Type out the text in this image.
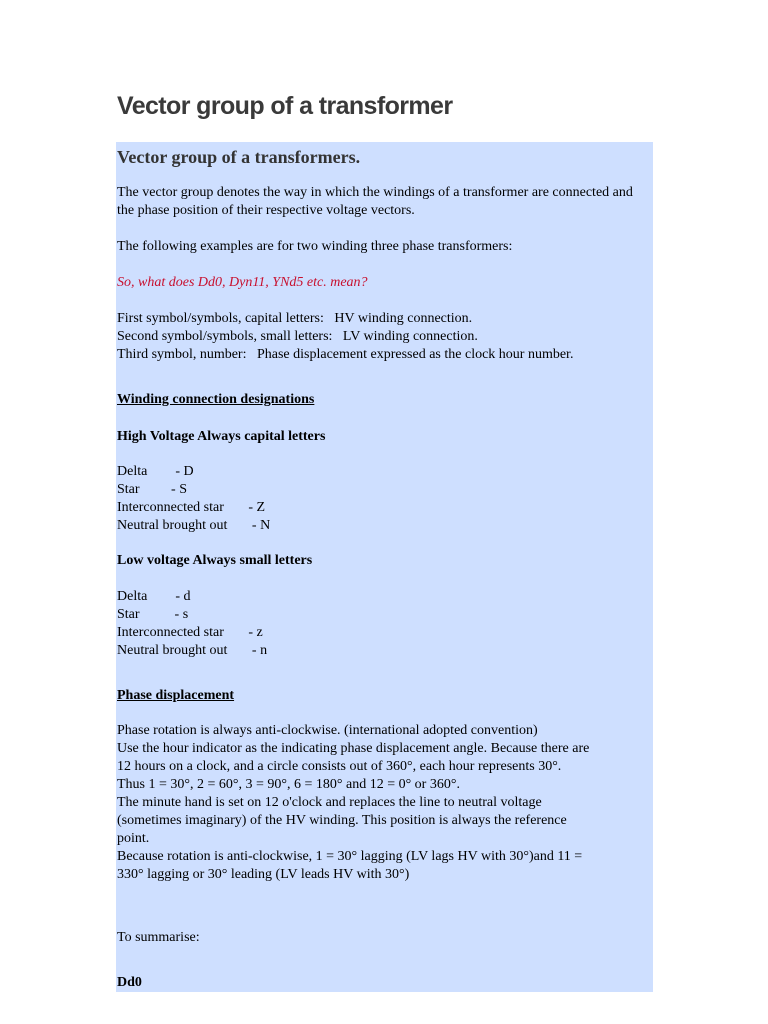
Vector group of a transformer
Vector group of a transformers.
The vector group denotes the way in which the windings of a transformer are connected and the phase position of their respective voltage vectors.
The following examples are for two winding three phase transformers:
So, what does Dd0, Dyn11, YNd5 etc. mean?
First symbol/symbols, capital letters:   HV winding connection.
Second symbol/symbols, small letters:   LV winding connection.
Third symbol, number:   Phase displacement expressed as the clock hour number.
Winding connection designations
High Voltage Always capital letters
Delta        - D
Star         - S
Interconnected star       - Z
Neutral brought out       - N
Low voltage Always small letters
Delta        - d
Star          - s
Interconnected star       - z
Neutral brought out       - n
Phase displacement
Phase rotation is always anti-clockwise. (international adopted convention)
Use the hour indicator as the indicating phase displacement angle. Because there are
12 hours on a clock, and a circle consists out of 360°, each hour represents 30°.
Thus 1 = 30°, 2 = 60°, 3 = 90°, 6 = 180° and 12 = 0° or 360°.
The minute hand is set on 12 o'clock and replaces the line to neutral voltage
(sometimes imaginary) of the HV winding. This position is always the reference
point.
Because rotation is anti-clockwise, 1 = 30° lagging (LV lags HV with 30°)and 11 =
330° lagging or 30° leading (LV leads HV with 30°)
To summarise:
Dd0
